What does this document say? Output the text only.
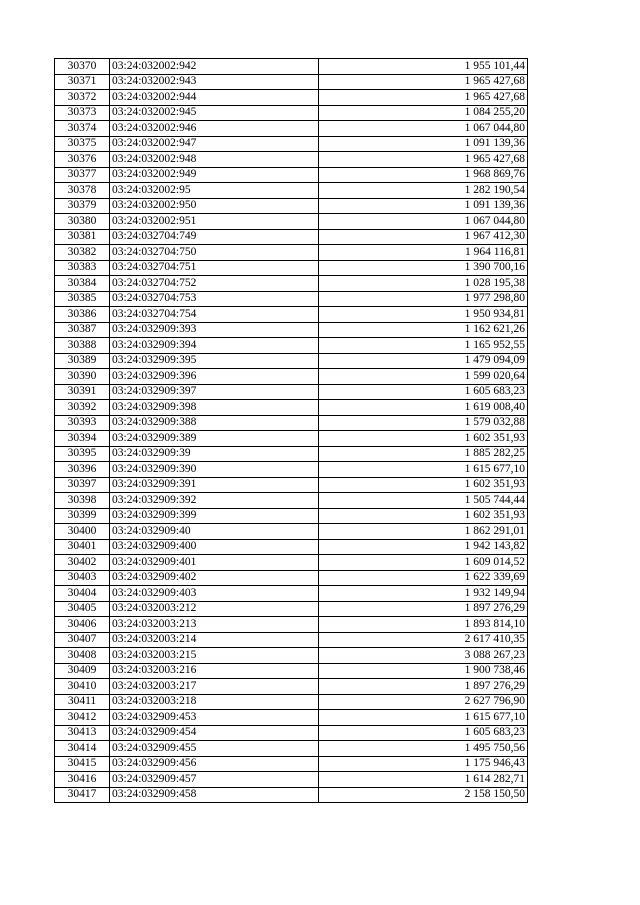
30370	03:24:032002:942	1 955 101,44
30371	03:24:032002:943	1 965 427,68
30372	03:24:032002:944	1 965 427,68
30373	03:24:032002:945	1 084 255,20
30374	03:24:032002:946	1 067 044,80
30375	03:24:032002:947	1 091 139,36
30376	03:24:032002:948	1 965 427,68
30377	03:24:032002:949	1 968 869,76
30378	03:24:032002:95	1 282 190,54
30379	03:24:032002:950	1 091 139,36
30380	03:24:032002:951	1 067 044,80
30381	03:24:032704:749	1 967 412,30
30382	03:24:032704:750	1 964 116,81
30383	03:24:032704:751	1 390 700,16
30384	03:24:032704:752	1 028 195,38
30385	03:24:032704:753	1 977 298,80
30386	03:24:032704:754	1 950 934,81
30387	03:24:032909:393	1 162 621,26
30388	03:24:032909:394	1 165 952,55
30389	03:24:032909:395	1 479 094,09
30390	03:24:032909:396	1 599 020,64
30391	03:24:032909:397	1 605 683,23
30392	03:24:032909:398	1 619 008,40
30393	03:24:032909:388	1 579 032,88
30394	03:24:032909:389	1 602 351,93
30395	03:24:032909:39	1 885 282,25
30396	03:24:032909:390	1 615 677,10
30397	03:24:032909:391	1 602 351,93
30398	03:24:032909:392	1 505 744,44
30399	03:24:032909:399	1 602 351,93
30400	03:24:032909:40	1 862 291,01
30401	03:24:032909:400	1 942 143,82
30402	03:24:032909:401	1 609 014,52
30403	03:24:032909:402	1 622 339,69
30404	03:24:032909:403	1 932 149,94
30405	03:24:032003:212	1 897 276,29
30406	03:24:032003:213	1 893 814,10
30407	03:24:032003:214	2 617 410,35
30408	03:24:032003:215	3 088 267,23
30409	03:24:032003:216	1 900 738,46
30410	03:24:032003:217	1 897 276,29
30411	03:24:032003:218	2 627 796,90
30412	03:24:032909:453	1 615 677,10
30413	03:24:032909:454	1 605 683,23
30414	03:24:032909:455	1 495 750,56
30415	03:24:032909:456	1 175 946,43
30416	03:24:032909:457	1 614 282,71
30417	03:24:032909:458	2 158 150,50
